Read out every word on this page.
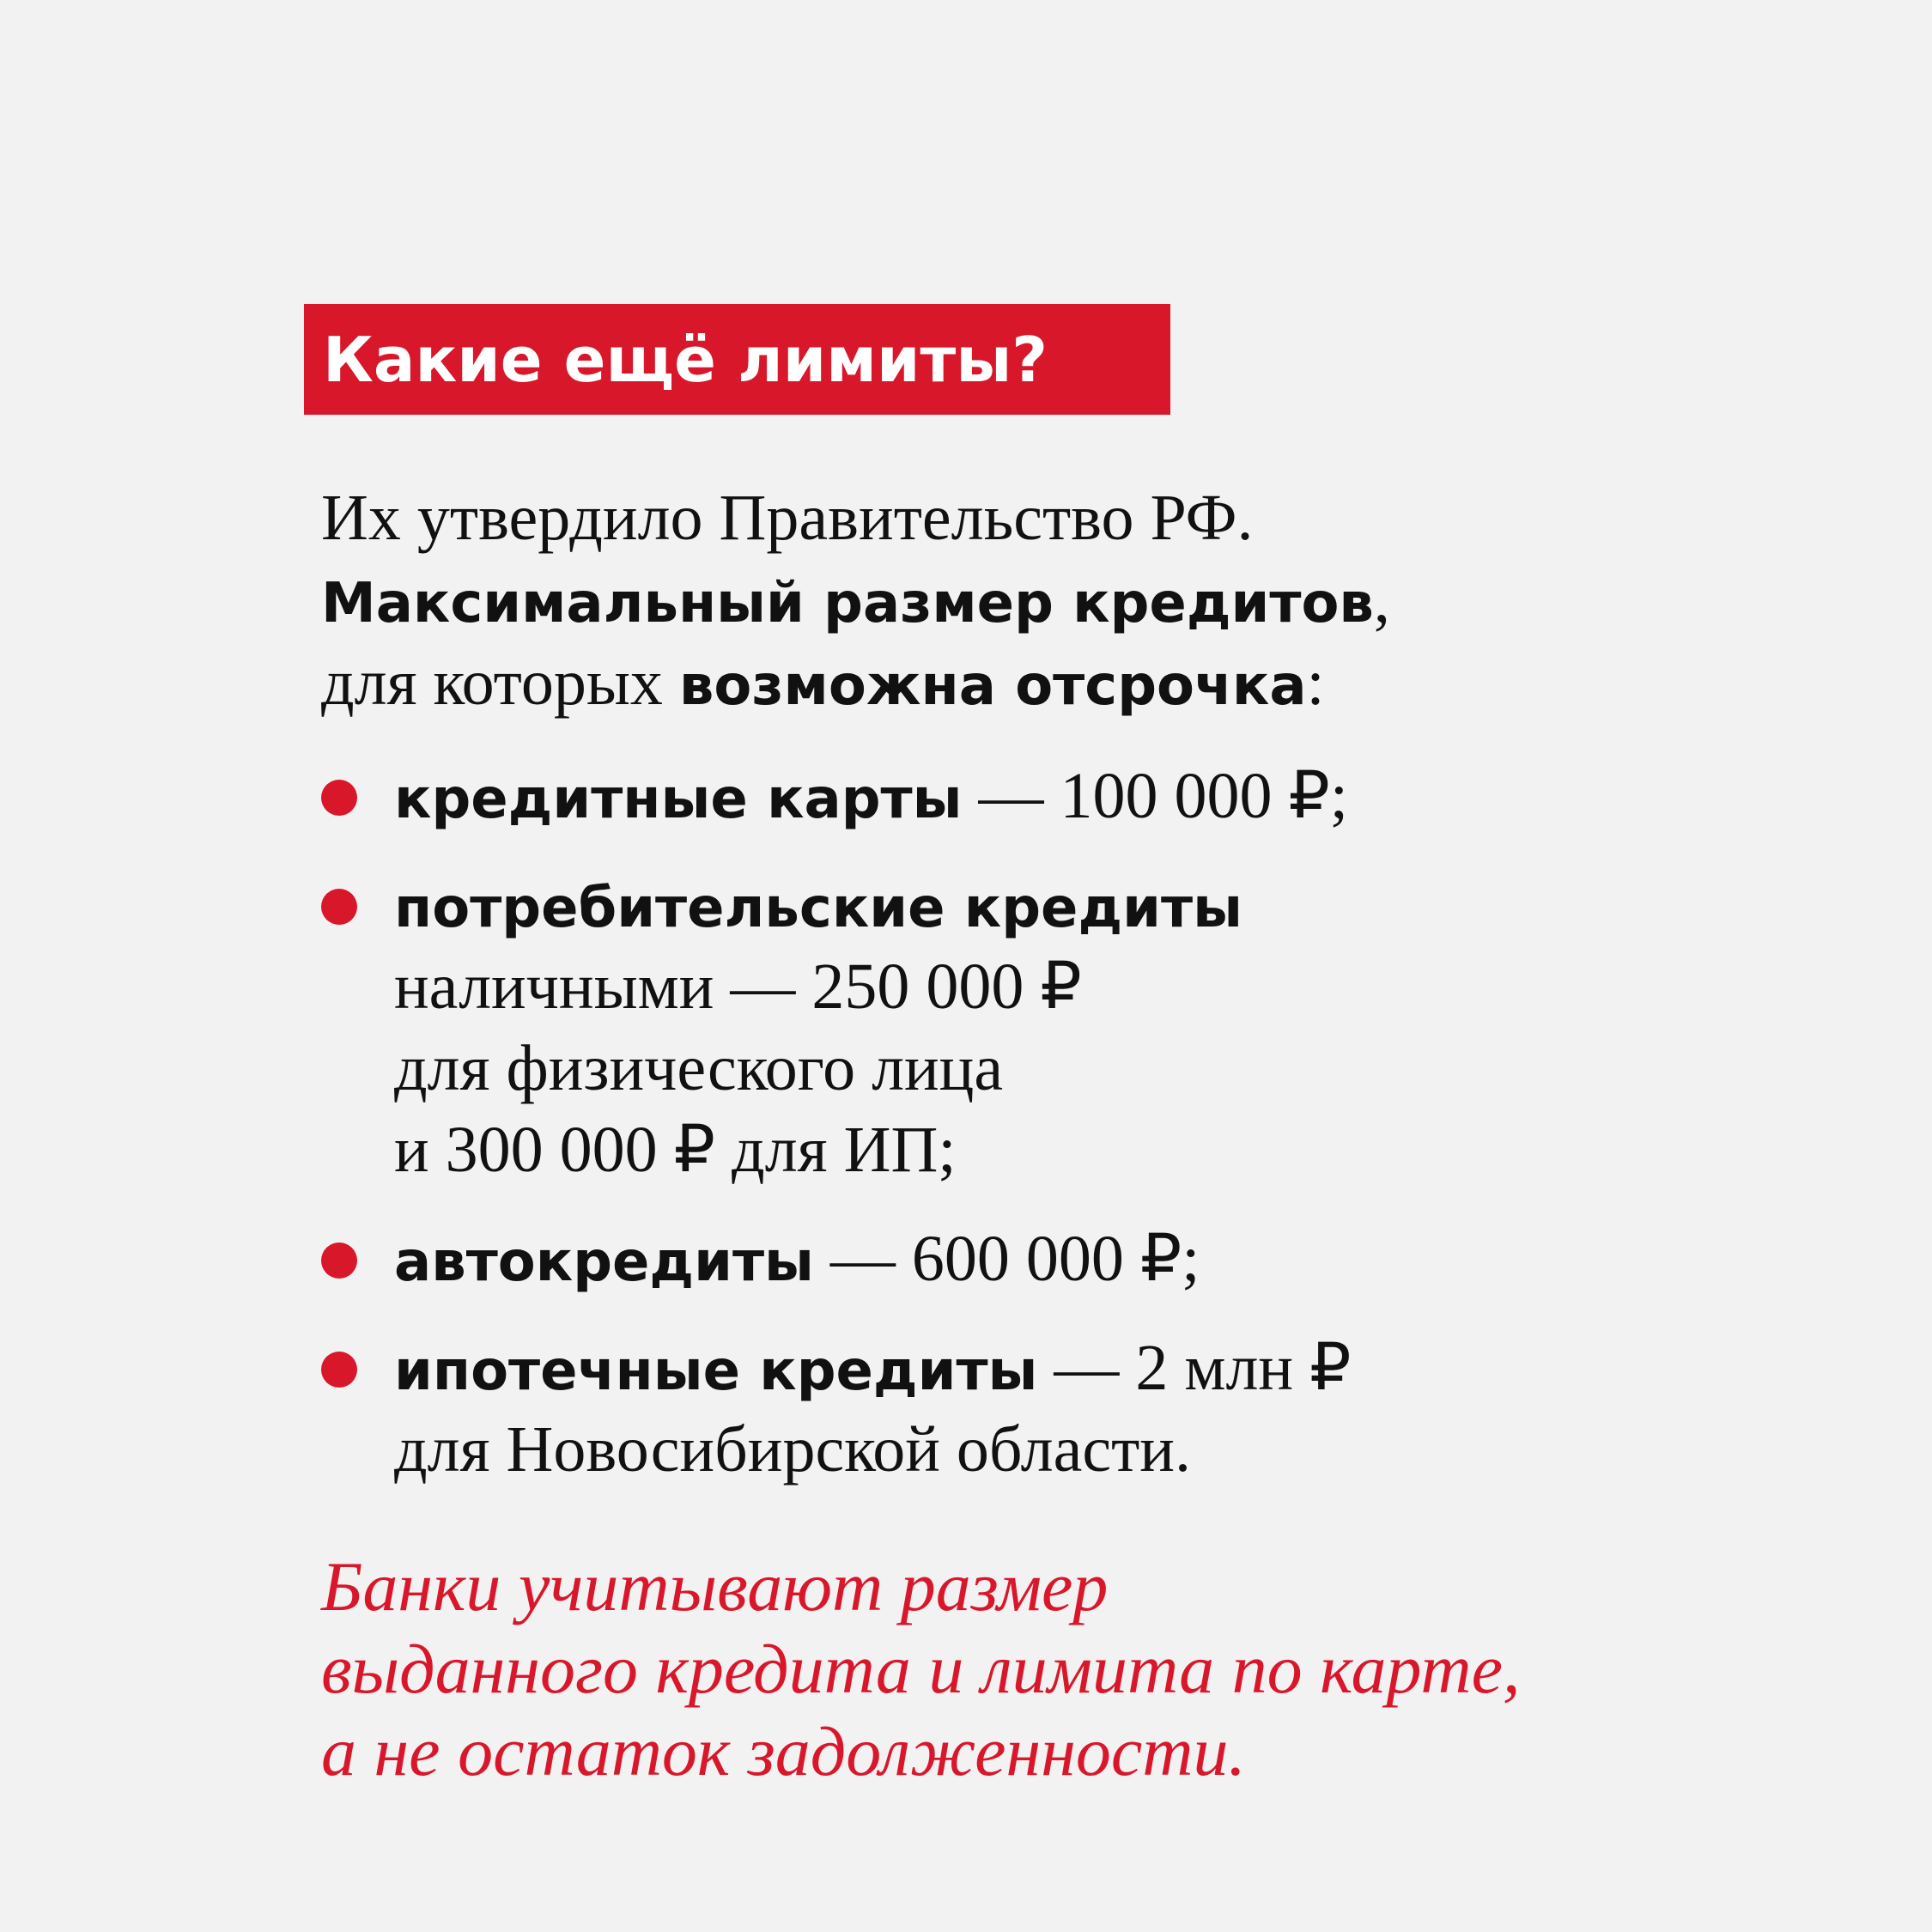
Какие ещё лимиты?
Их утвердило Правительство РФ.
Максимальный размер кредитов,
для которых возможна отсрочка:
кредитные карты — 100 000 ₽;
потребительские кредиты
наличными — 250 000 ₽
для физического лица
и 300 000 ₽ для ИП;
автокредиты — 600 000 ₽;
ипотечные кредиты — 2 млн ₽
для Новосибирской области.
Банки учитывают размер
выданного кредита и лимита по карте,
а не остаток задолженности.
